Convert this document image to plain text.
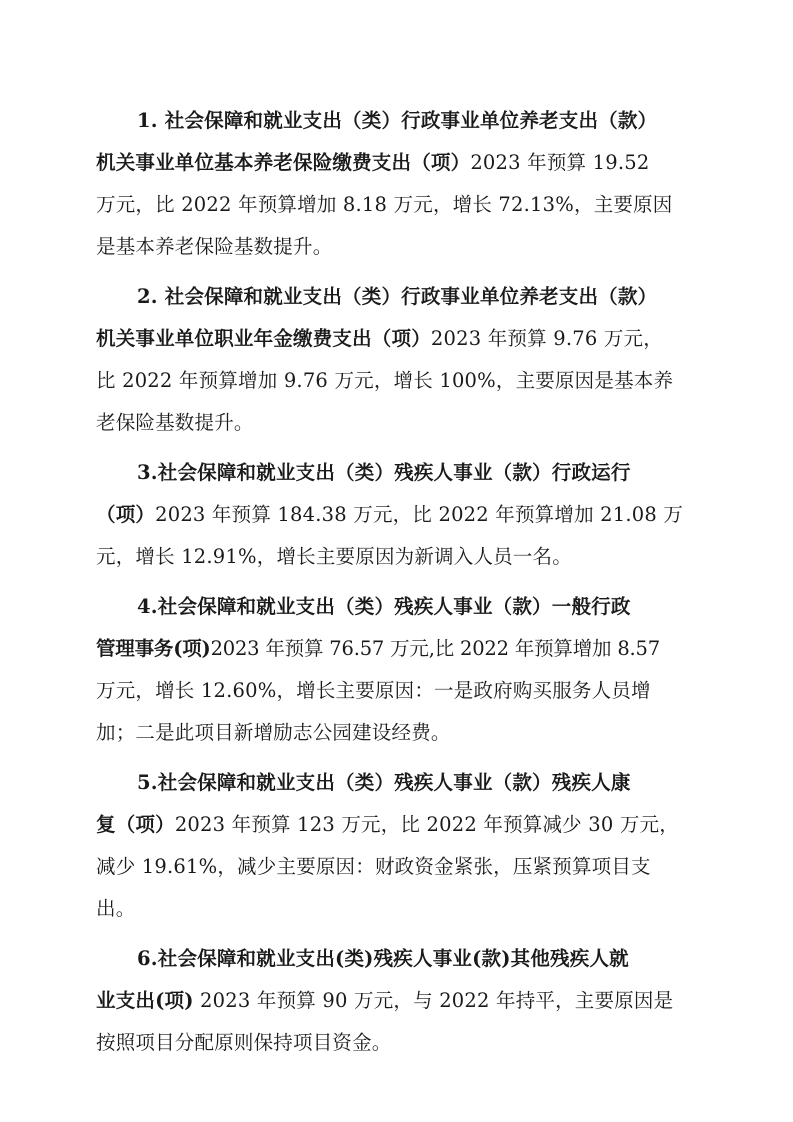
1. 社会保障和就业支出（类）行政事业单位养老支出（款）
机关事业单位基本养老保险缴费支出（项）2023 年预算 19.52
万元，比 2022 年预算增加 8.18 万元，增长 72.13%，主要原因
是基本养老保险基数提升。
2. 社会保障和就业支出（类）行政事业单位养老支出（款）
机关事业单位职业年金缴费支出（项）2023 年预算 9.76 万元，
比 2022 年预算增加 9.76 万元，增长 100%，主要原因是基本养
老保险基数提升。
3.社会保障和就业支出（类）残疾人事业（款）行政运行
（项）2023 年预算 184.38 万元，比 2022 年预算增加 21.08 万
元，增长 12.91%，增长主要原因为新调入人员一名。
4.社会保障和就业支出（类）残疾人事业（款）一般行政
管理事务(项)2023 年预算 76.57 万元,比 2022 年预算增加 8.57
万元，增长 12.60%，增长主要原因：一是政府购买服务人员增
加；二是此项目新增励志公园建设经费。
5.社会保障和就业支出（类）残疾人事业（款）残疾人康
复（项）2023 年预算 123 万元，比 2022 年预算减少 30 万元，
减少 19.61%，减少主要原因：财政资金紧张，压紧预算项目支
出。
6.社会保障和就业支出(类)残疾人事业(款)其他残疾人就
业支出(项) 2023 年预算 90 万元，与 2022 年持平，主要原因是
按照项目分配原则保持项目资金。
